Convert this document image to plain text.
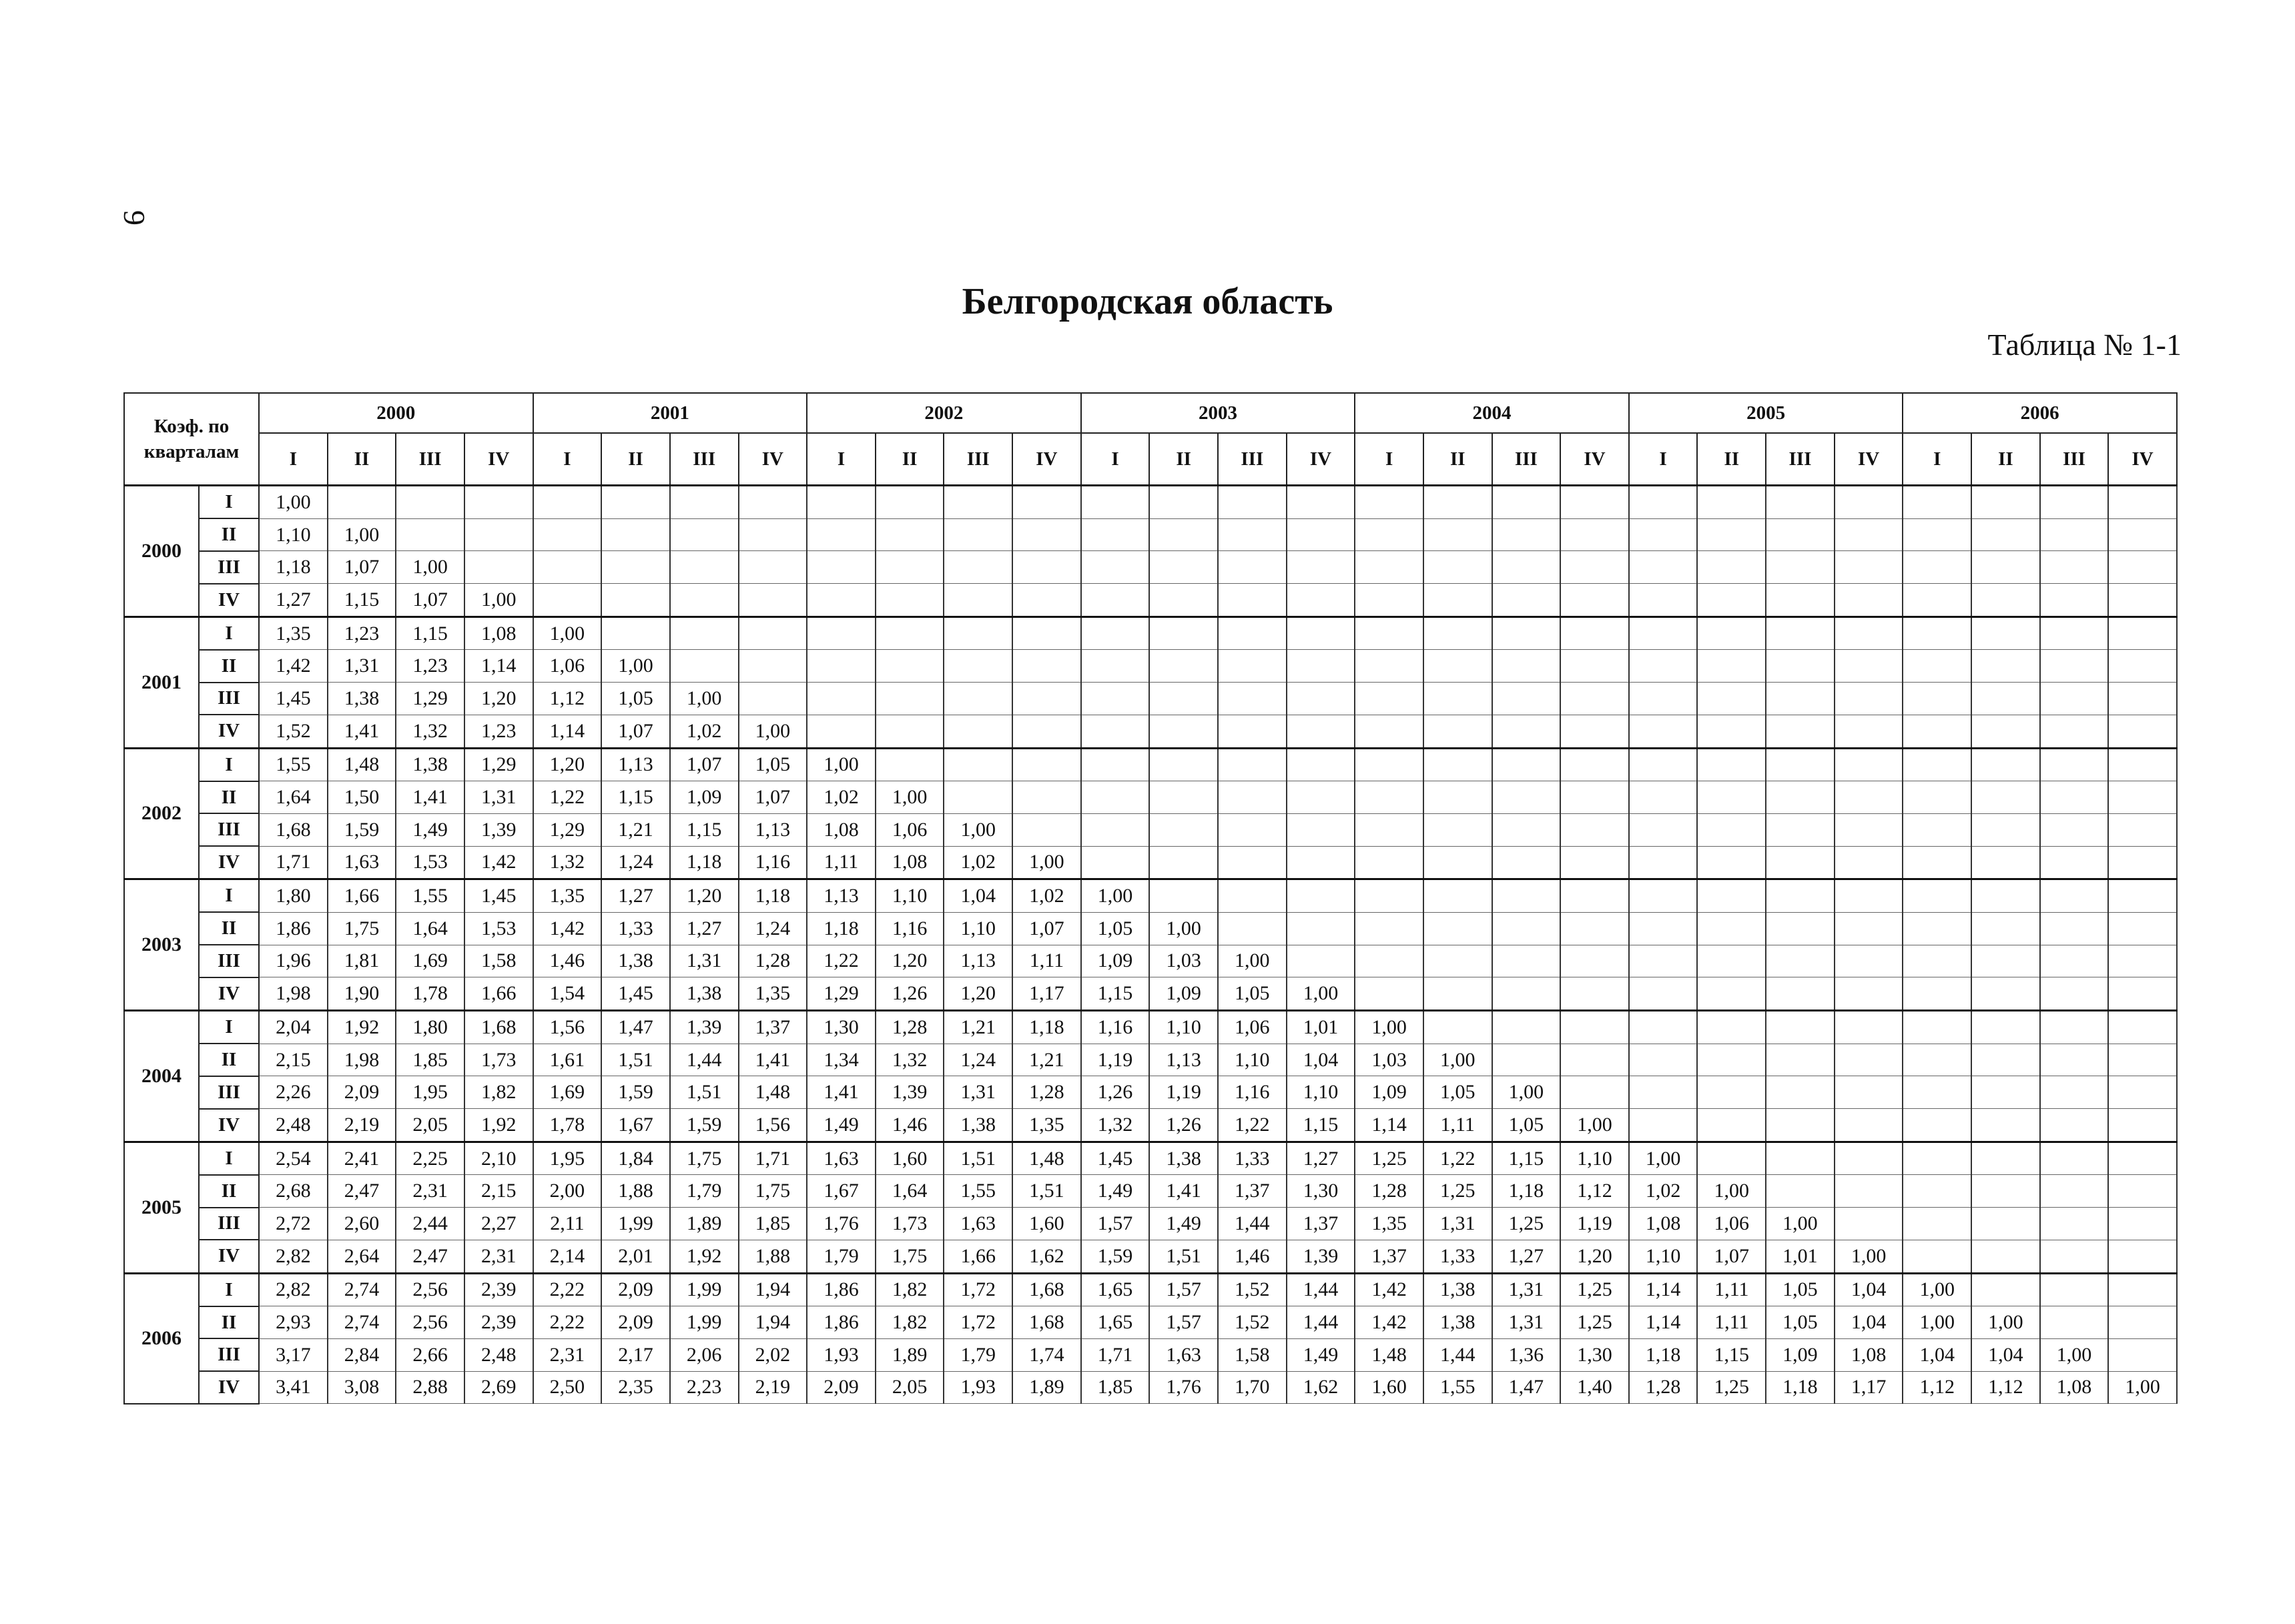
9
Белгородская область
Таблица № 1-1
Коэф. по кварталам		2000				2001				2002				2003				2004				2005				2006			
		I	II	III	IV	I	II	III	IV	I	II	III	IV	I	II	III	IV	I	II	III	IV	I	II	III	IV	I	II	III	IV
2000	I	1,00																											
	II	1,10	1,00																										
	III	1,18	1,07	1,00																									
	IV	1,27	1,15	1,07	1,00																								
2001	I	1,35	1,23	1,15	1,08	1,00																							
	II	1,42	1,31	1,23	1,14	1,06	1,00																						
	III	1,45	1,38	1,29	1,20	1,12	1,05	1,00																					
	IV	1,52	1,41	1,32	1,23	1,14	1,07	1,02	1,00																				
2002	I	1,55	1,48	1,38	1,29	1,20	1,13	1,07	1,05	1,00																			
	II	1,64	1,50	1,41	1,31	1,22	1,15	1,09	1,07	1,02	1,00																		
	III	1,68	1,59	1,49	1,39	1,29	1,21	1,15	1,13	1,08	1,06	1,00																	
	IV	1,71	1,63	1,53	1,42	1,32	1,24	1,18	1,16	1,11	1,08	1,02	1,00																
2003	I	1,80	1,66	1,55	1,45	1,35	1,27	1,20	1,18	1,13	1,10	1,04	1,02	1,00															
	II	1,86	1,75	1,64	1,53	1,42	1,33	1,27	1,24	1,18	1,16	1,10	1,07	1,05	1,00														
	III	1,96	1,81	1,69	1,58	1,46	1,38	1,31	1,28	1,22	1,20	1,13	1,11	1,09	1,03	1,00													
	IV	1,98	1,90	1,78	1,66	1,54	1,45	1,38	1,35	1,29	1,26	1,20	1,17	1,15	1,09	1,05	1,00												
2004	I	2,04	1,92	1,80	1,68	1,56	1,47	1,39	1,37	1,30	1,28	1,21	1,18	1,16	1,10	1,06	1,01	1,00											
	II	2,15	1,98	1,85	1,73	1,61	1,51	1,44	1,41	1,34	1,32	1,24	1,21	1,19	1,13	1,10	1,04	1,03	1,00										
	III	2,26	2,09	1,95	1,82	1,69	1,59	1,51	1,48	1,41	1,39	1,31	1,28	1,26	1,19	1,16	1,10	1,09	1,05	1,00									
	IV	2,48	2,19	2,05	1,92	1,78	1,67	1,59	1,56	1,49	1,46	1,38	1,35	1,32	1,26	1,22	1,15	1,14	1,11	1,05	1,00								
2005	I	2,54	2,41	2,25	2,10	1,95	1,84	1,75	1,71	1,63	1,60	1,51	1,48	1,45	1,38	1,33	1,27	1,25	1,22	1,15	1,10	1,00							
	II	2,68	2,47	2,31	2,15	2,00	1,88	1,79	1,75	1,67	1,64	1,55	1,51	1,49	1,41	1,37	1,30	1,28	1,25	1,18	1,12	1,02	1,00						
	III	2,72	2,60	2,44	2,27	2,11	1,99	1,89	1,85	1,76	1,73	1,63	1,60	1,57	1,49	1,44	1,37	1,35	1,31	1,25	1,19	1,08	1,06	1,00					
	IV	2,82	2,64	2,47	2,31	2,14	2,01	1,92	1,88	1,79	1,75	1,66	1,62	1,59	1,51	1,46	1,39	1,37	1,33	1,27	1,20	1,10	1,07	1,01	1,00				
2006	I	2,82	2,74	2,56	2,39	2,22	2,09	1,99	1,94	1,86	1,82	1,72	1,68	1,65	1,57	1,52	1,44	1,42	1,38	1,31	1,25	1,14	1,11	1,05	1,04	1,00			
	II	2,93	2,74	2,56	2,39	2,22	2,09	1,99	1,94	1,86	1,82	1,72	1,68	1,65	1,57	1,52	1,44	1,42	1,38	1,31	1,25	1,14	1,11	1,05	1,04	1,00	1,00		
	III	3,17	2,84	2,66	2,48	2,31	2,17	2,06	2,02	1,93	1,89	1,79	1,74	1,71	1,63	1,58	1,49	1,48	1,44	1,36	1,30	1,18	1,15	1,09	1,08	1,04	1,04	1,00	
	IV	3,41	3,08	2,88	2,69	2,50	2,35	2,23	2,19	2,09	2,05	1,93	1,89	1,85	1,76	1,70	1,62	1,60	1,55	1,47	1,40	1,28	1,25	1,18	1,17	1,12	1,12	1,08	1,00
